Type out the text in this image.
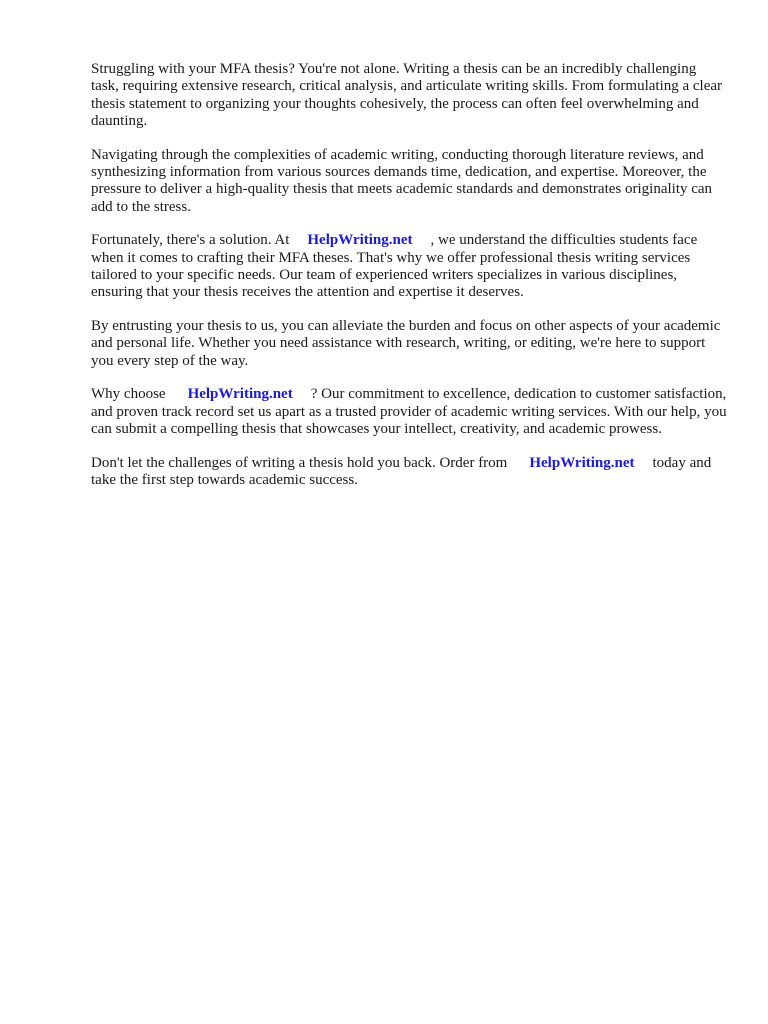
Struggling with your MFA thesis? You're not alone. Writing a thesis can be an incredibly challenging task, requiring extensive research, critical analysis, and articulate writing skills. From formulating a clear thesis statement to organizing your thoughts cohesively, the process can often feel overwhelming and daunting.

Navigating through the complexities of academic writing, conducting thorough literature reviews, and synthesizing information from various sources demands time, dedication, and expertise. Moreover, the pressure to deliver a high-quality thesis that meets academic standards and demonstrates originality can add to the stress.

Fortunately, there's a solution. At HelpWriting.net , we understand the difficulties students face when it comes to crafting their MFA theses. That's why we offer professional thesis writing services tailored to your specific needs. Our team of experienced writers specializes in various disciplines, ensuring that your thesis receives the attention and expertise it deserves.

By entrusting your thesis to us, you can alleviate the burden and focus on other aspects of your academic and personal life. Whether you need assistance with research, writing, or editing, we're here to support you every step of the way.

Why choose HelpWriting.net ? Our commitment to excellence, dedication to customer satisfaction, and proven track record set us apart as a trusted provider of academic writing services. With our help, you can submit a compelling thesis that showcases your intellect, creativity, and academic prowess.

Don't let the challenges of writing a thesis hold you back. Order from HelpWriting.net today and take the first step towards academic success.
